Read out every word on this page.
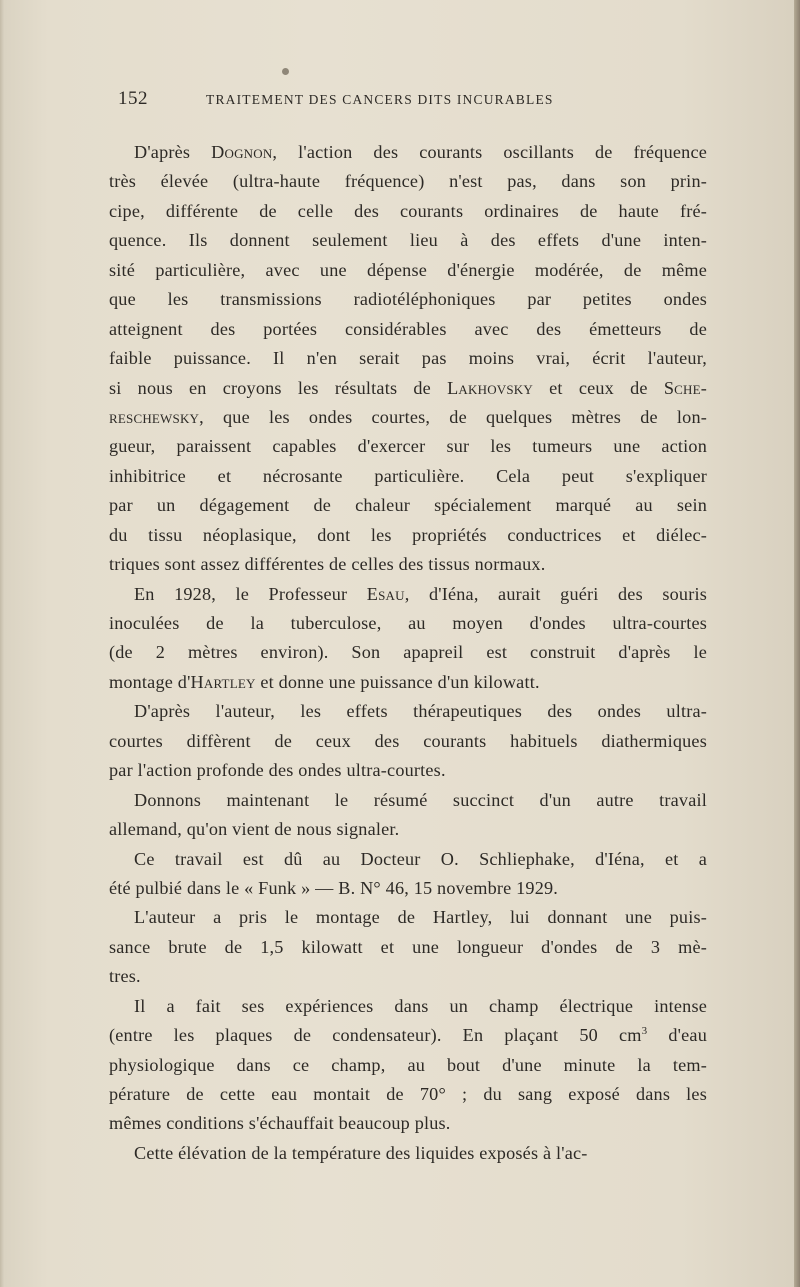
152	TRAITEMENT DES CANCERS DITS INCURABLES
D'après Dognon, l'action des courants oscillants de fréquence
très élevée (ultra-haute fréquence) n'est pas, dans son prin-
cipe, différente de celle des courants ordinaires de haute fré-
quence. Ils donnent seulement lieu à des effets d'une inten-
sité particulière, avec une dépense d'énergie modérée, de même
que les transmissions radiotéléphoniques par petites ondes
atteignent des portées considérables avec des émetteurs de
faible puissance. Il n'en serait pas moins vrai, écrit l'auteur,
si nous en croyons les résultats de Lakhovsky et ceux de Sche-
reschewsky, que les ondes courtes, de quelques mètres de lon-
gueur, paraissent capables d'exercer sur les tumeurs une action
inhibitrice et nécrosante particulière. Cela peut s'expliquer
par un dégagement de chaleur spécialement marqué au sein
du tissu néoplasique, dont les propriétés conductrices et diélec-
triques sont assez différentes de celles des tissus normaux.
En 1928, le Professeur Esau, d'Iéna, aurait guéri des souris
inoculées de la tuberculose, au moyen d'ondes ultra-courtes
(de 2 mètres environ). Son apapreil est construit d'après le
montage d'Hartley et donne une puissance d'un kilowatt.
D'après l'auteur, les effets thérapeutiques des ondes ultra-
courtes diffèrent de ceux des courants habituels diathermiques
par l'action profonde des ondes ultra-courtes.
Donnons maintenant le résumé succinct d'un autre travail
allemand, qu'on vient de nous signaler.
Ce travail est dû au Docteur O. Schliephake, d'Iéna, et a
été pulbié dans le « Funk » — B. N° 46, 15 novembre 1929.
L'auteur a pris le montage de Hartley, lui donnant une puis-
sance brute de 1,5 kilowatt et une longueur d'ondes de 3 mè-
tres.
Il a fait ses expériences dans un champ électrique intense
(entre les plaques de condensateur). En plaçant 50 $cm^3$ d'eau
physiologique dans ce champ, au bout d'une minute la tem-
pérature de cette eau montait de 70° ; du sang exposé dans les
mêmes conditions s'échauffait beaucoup plus.
Cette élévation de la température des liquides exposés à l'ac-
